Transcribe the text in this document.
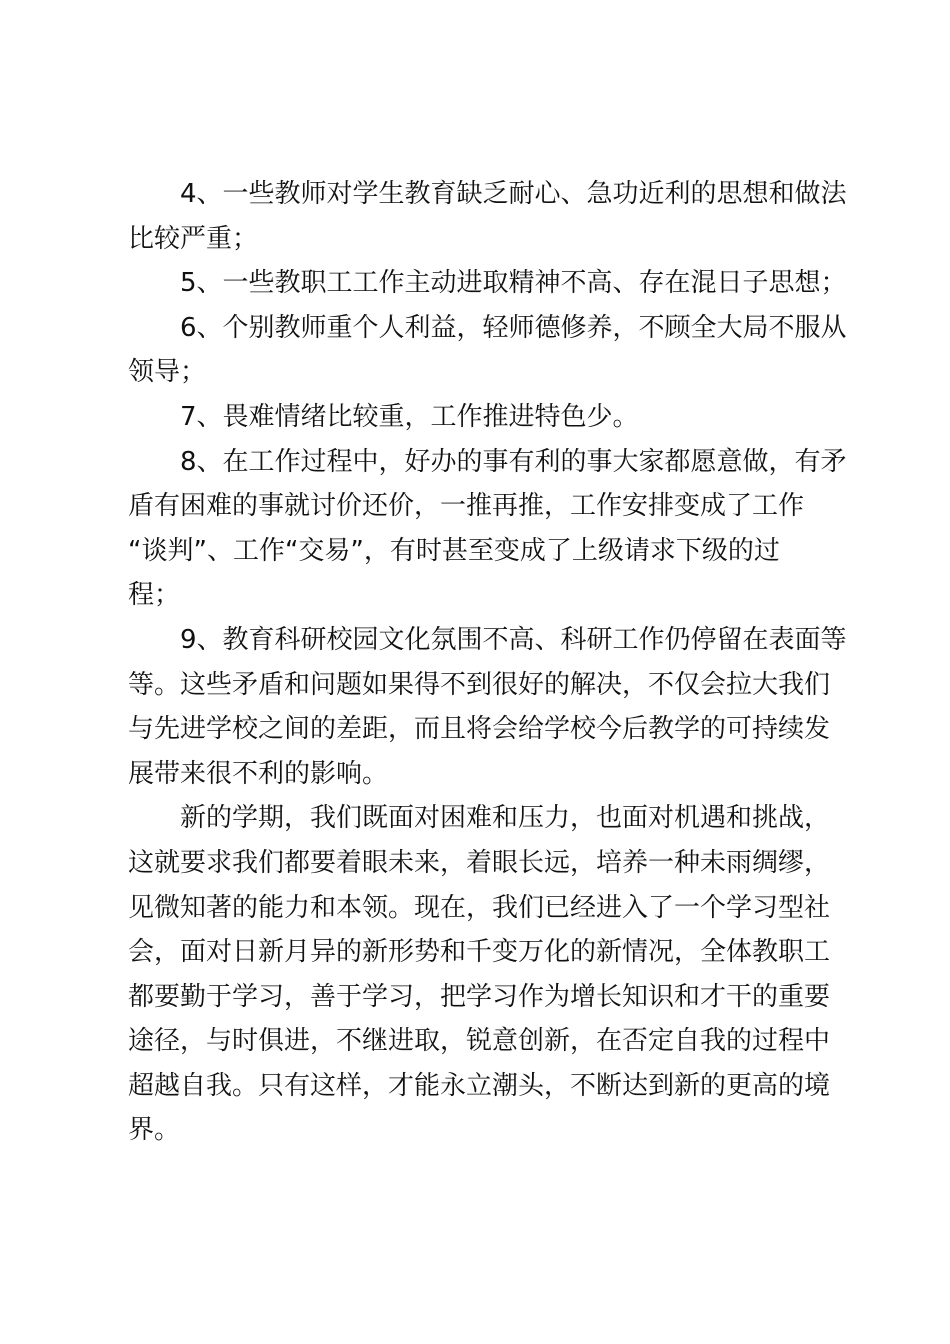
4、一些教师对学生教育缺乏耐心、急功近利的思想和做法
比较严重；
5、一些教职工工作主动进取精神不高、存在混日子思想；
6、个别教师重个人利益，轻师德修养，不顾全大局不服从
领导；
7、畏难情绪比较重，工作推进特色少。
8、在工作过程中，好办的事有利的事大家都愿意做，有矛
盾有困难的事就讨价还价，一推再推，工作安排变成了工作
“谈判”、工作“交易”，有时甚至变成了上级请求下级的过
程；
9、教育科研校园文化氛围不高、科研工作仍停留在表面等
等。这些矛盾和问题如果得不到很好的解决，不仅会拉大我们
与先进学校之间的差距，而且将会给学校今后教学的可持续发
展带来很不利的影响。
新的学期，我们既面对困难和压力，也面对机遇和挑战，
这就要求我们都要着眼未来，着眼长远，培养一种未雨绸缪，
见微知著的能力和本领。现在，我们已经进入了一个学习型社
会，面对日新月异的新形势和千变万化的新情况，全体教职工
都要勤于学习，善于学习，把学习作为增长知识和才干的重要
途径，与时俱进，不继进取，锐意创新，在否定自我的过程中
超越自我。只有这样，才能永立潮头，不断达到新的更高的境
界。
